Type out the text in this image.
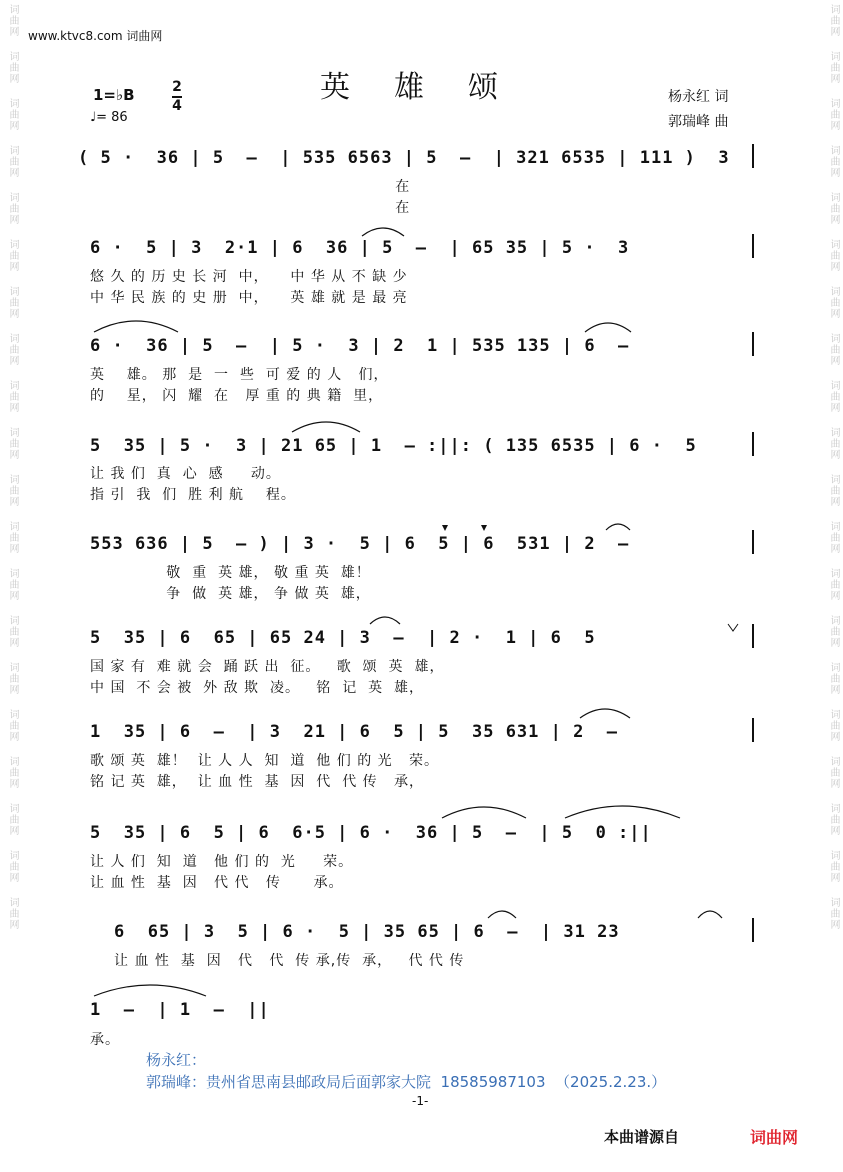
词曲网
词曲网
词曲网
词曲网
词曲网
词曲网
词曲网
词曲网
词曲网
词曲网
词曲网
词曲网
词曲网
词曲网
词曲网
词曲网
词曲网
词曲网
词曲网
词曲网
词曲网
词曲网
词曲网
词曲网
词曲网
词曲网
词曲网
词曲网
词曲网
词曲网
词曲网
词曲网
词曲网
词曲网
词曲网
词曲网
词曲网
词曲网
词曲网
词曲网
www.ktvc8.com 词曲网
英雄颂	杨永红 词
郭瑞峰 曲
1=♭B	2
4
♩= 86
( 5 ·  36 | 5  –  | 535 6563 | 5  –  | 321 6535 | 111 )  3
在
在
6 ·  5 | 3  2·1 | 6  36 | 5  –  | 65 35 | 5 ·  3
悠 久 的 历 史 长 河  中，    中 华 从 不 缺 少
中 华 民 族 的 史 册  中，    英 雄 就 是 最 亮
6 ·  36 | 5  –  | 5 ·  3 | 2  1 | 535 135 | 6  –
英    雄。 那  是  一  些  可 爱 的 人   们，
的    星， 闪  耀  在   厚 重 的 典 籍  里，
5  35 | 5 ·  3 | 21 65 | 1  – :||: ( 135 6535 | 6 ·  5
让 我 们  真  心  感     动。
指 引  我  们  胜 利 航    程。
553 636 | 5  – ) | 3 ·  5 | 6  5 | 6  531 | 2  –
敬  重  英 雄， 敬 重 英  雄！
争  做  英 雄， 争 做 英  雄，
5  35 | 6  65 | 65 24 | 3  –  | 2 ·  1 | 6  5
国 家 有  难 就 会  踊 跃 出  征。   歌  颂  英  雄，
中 国  不 会 被  外 敌 欺  凌。   铭  记  英  雄，
1  35 | 6  –  | 3  21 | 6  5 | 5  35 631 | 2  –
歌 颂 英  雄！  让 人 人  知  道  他 们 的 光   荣。
铭 记 英  雄，  让 血 性  基  因  代  代 传   承，
5  35 | 6  5 | 6  6·5 | 6 ·  36 | 5  –  | 5  0 :||
让 人 们  知  道   他 们 的  光     荣。
让 血 性  基  因   代 代   传      承。
6  65 | 3  5 | 6 ·  5 | 35 65 | 6  –  | 31 23
让 血 性  基  因   代   代  传 承,传  承，   代 代 传
1  –  | 1  –  ||
承。
杨永红：
郭瑞峰：贵州省思南县邮政局后面郭家大院  18585987103  （2025.2.23.）
-1-
本曲谱源自	词曲网
